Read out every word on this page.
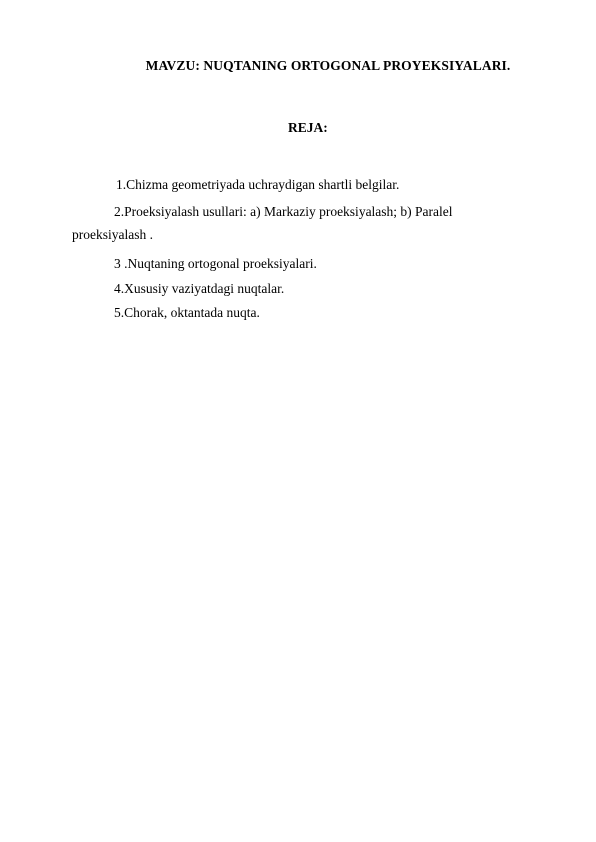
MAVZU: NUQTANING ORTOGONAL PROYEKSIYALARI.
REJA:
1.Chizma geometriyada uchraydigan shartli belgilar.
2.Proeksiyalash usullari: a) Markaziy proeksiyalash; b) Paralel
proeksiyalash .
3 .Nuqtaning ortogonal proeksiyalari.
4.Xususiy vaziyatdagi nuqtalar.
5.Chorak, oktantada nuqta.
